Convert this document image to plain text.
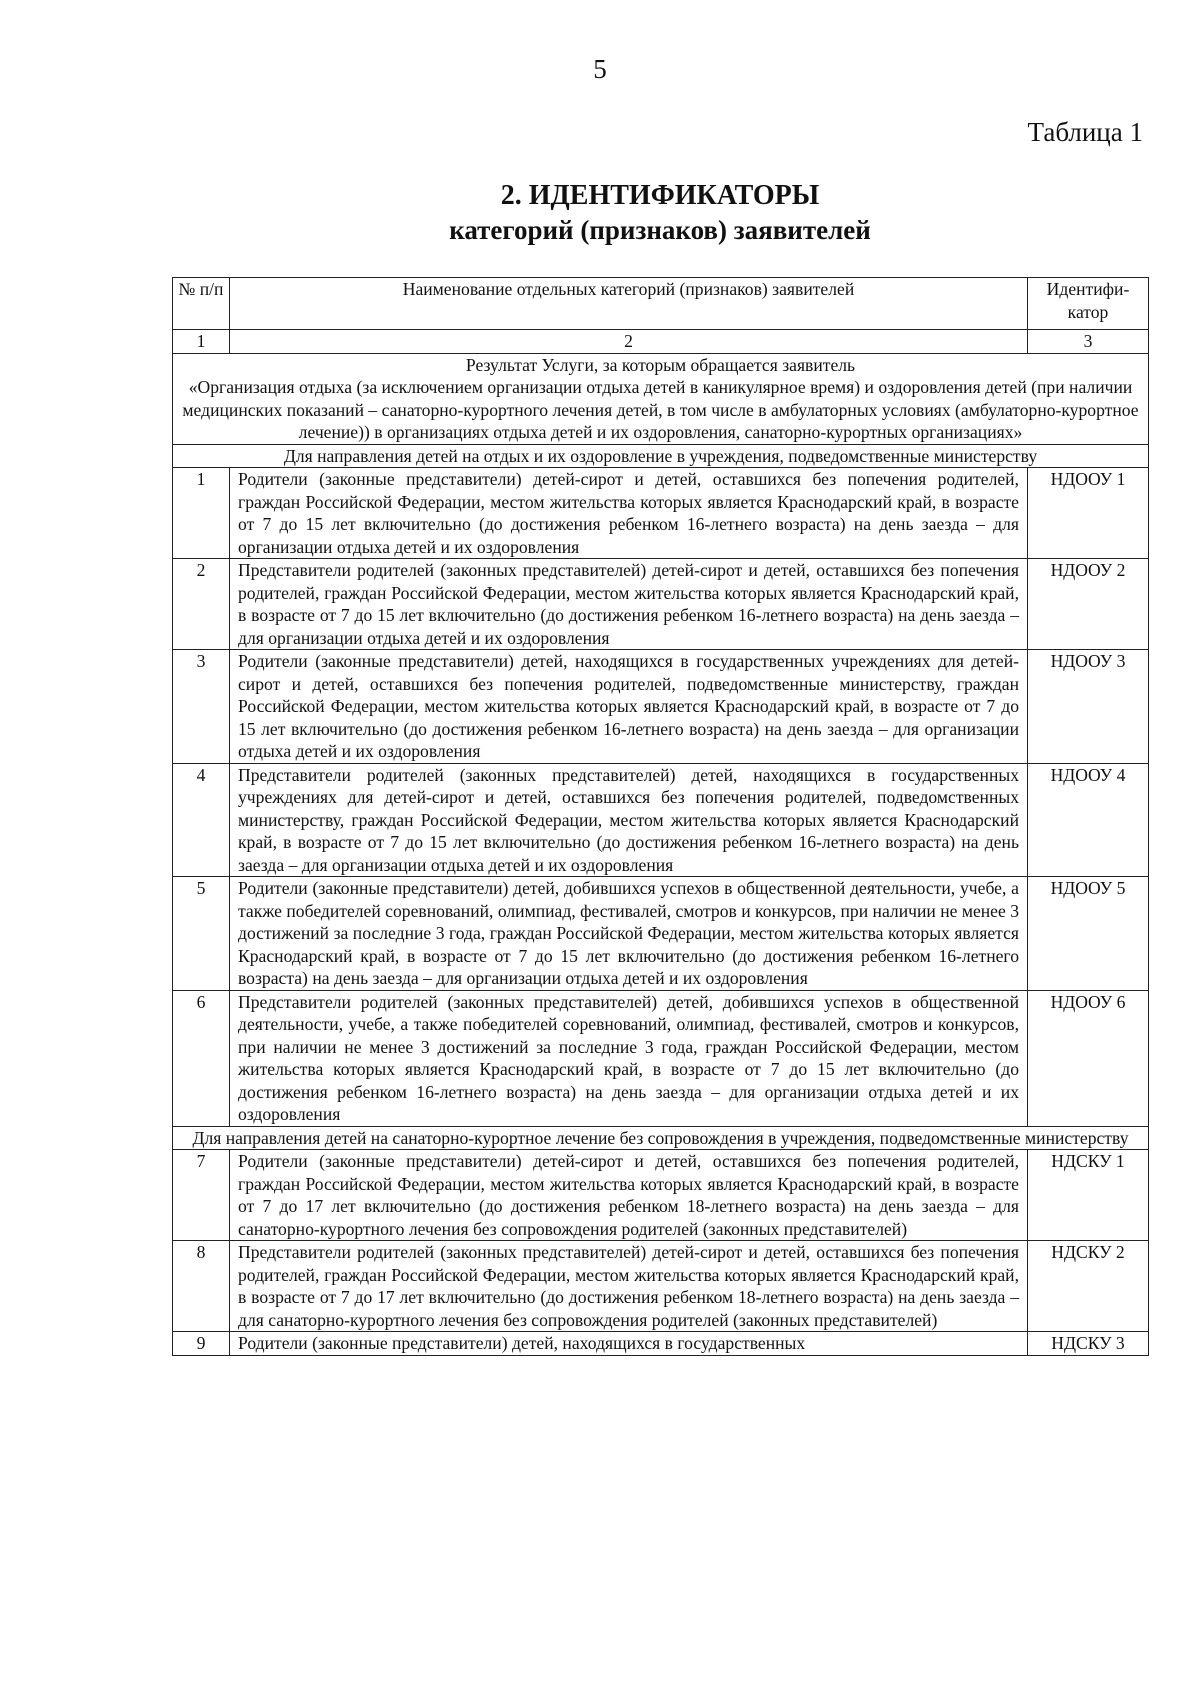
5
Таблица 1
2. ИДЕНТИФИКАТОРЫ
категорий (признаков) заявителей
№ п/п	Наименование отдельных категорий (признаков) заявителей	Идентифи-катор
1	2	3

Результат Услуги, за которым обращается заявитель
«Организация отдыха (за исключением организации отдыха детей в каникулярное время) и оздоровления детей (при наличии медицинских показаний – санаторно-курортного лечения детей, в том числе в амбулаторных условиях (амбулаторно-курортное лечение)) в организациях отдыха детей и их оздоровления, санаторно-курортных организациях»		

Для направления детей на отдых и их оздоровление в учреждения, подведомственные министерству		
1	Родители (законные представители) детей-сирот и детей, оставшихся без попечения родителей, граждан Российской Федерации, местом жительства которых является Краснодарский край, в возрасте от 7 до 15 лет включительно (до достижения ребенком 16-летнего возраста) на день заезда – для организации отдыха детей и их оздоровления	НДООУ 1
2	Представители родителей (законных представителей) детей-сирот и детей, оставшихся без попечения родителей, граждан Российской Федерации, местом жительства которых является Краснодарский край, в возрасте от 7 до 15 лет включительно (до достижения ребенком 16-летнего возраста) на день заезда – для организации отдыха детей и их оздоровления	НДООУ 2
3	Родители (законные представители) детей, находящихся в государственных учреждениях для детей-сирот и детей, оставшихся без попечения родителей, подведомственные министерству, граждан Российской Федерации, местом жительства которых является Краснодарский край, в возрасте от 7 до 15 лет включительно (до достижения ребенком 16-летнего возраста) на день заезда – для организации отдыха детей и их оздоровления	НДООУ 3
4	Представители родителей (законных представителей) детей, находящихся в государственных учреждениях для детей-сирот и детей, оставшихся без попечения родителей, подведомственных министерству, граждан Российской Федерации, местом жительства которых является Краснодарский край, в возрасте от 7 до 15 лет включительно (до достижения ребенком 16-летнего возраста) на день заезда – для организации отдыха детей и их оздоровления	НДООУ 4
5	Родители (законные представители) детей, добившихся успехов в общественной деятельности, учебе, а также победителей соревнований, олимпиад, фестивалей, смотров и конкурсов, при наличии не менее 3 достижений за последние 3 года, граждан Российской Федерации, местом жительства которых является Краснодарский край, в возрасте от 7 до 15 лет включительно (до достижения ребенком 16-летнего возраста) на день заезда – для организации отдыха детей и их оздоровления	НДООУ 5
6	Представители родителей (законных представителей) детей, добившихся успехов в общественной деятельности, учебе, а также победителей соревнований, олимпиад, фестивалей, смотров и конкурсов, при наличии не менее 3 достижений за последние 3 года, граждан Российской Федерации, местом жительства которых является Краснодарский край, в возрасте от 7 до 15 лет включительно (до достижения ребенком 16-летнего возраста) на день заезда – для организации отдыха детей и их оздоровления	НДООУ 6
Для направления детей на санаторно-курортное лечение без сопровождения в учреждения, подведомственные министерству		
7	Родители (законные представители) детей-сирот и детей, оставшихся без попечения родителей, граждан Российской Федерации, местом жительства которых является Краснодарский край, в возрасте от 7 до 17 лет включительно (до достижения ребенком 18-летнего возраста) на день заезда – для санаторно-курортного лечения без сопровождения родителей (законных представителей)	НДСКУ 1
8	Представители родителей (законных представителей) детей-сирот и детей, оставшихся без попечения родителей, граждан Российской Федерации, местом жительства которых является Краснодарский край, в возрасте от 7 до 17 лет включительно (до достижения ребенком 18-летнего возраста) на день заезда – для санаторно-курортного лечения без сопровождения родителей (законных представителей)	НДСКУ 2
9	Родители (законные представители) детей, находящихся в государственных	НДСКУ 3
